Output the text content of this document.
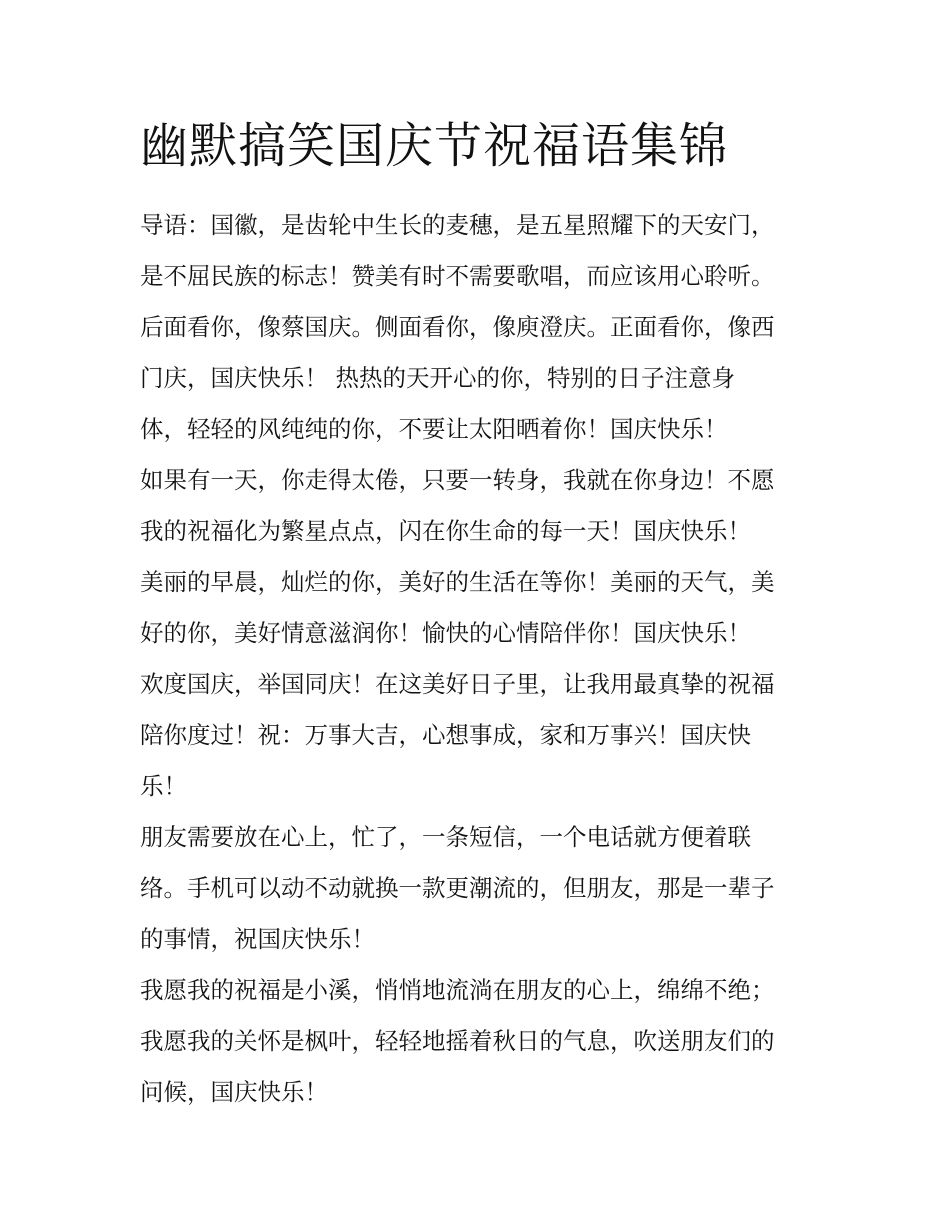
幽默搞笑国庆节祝福语集锦
导语：国徽，是齿轮中生长的麦穗，是五星照耀下的天安门，
是不屈民族的标志！赞美有时不需要歌唱，而应该用心聆听。
后面看你，像蔡国庆。侧面看你，像庾澄庆。正面看你，像西
门庆，国庆快乐！ 热热的天开心的你，特别的日子注意身
体，轻轻的风纯纯的你，不要让太阳晒着你！国庆快乐！
如果有一天，你走得太倦，只要一转身，我就在你身边！不愿
我的祝福化为繁星点点，闪在你生命的每一天！国庆快乐！
美丽的早晨，灿烂的你，美好的生活在等你！美丽的天气，美
好的你，美好情意滋润你！愉快的心情陪伴你！国庆快乐！
欢度国庆，举国同庆！在这美好日子里，让我用最真挚的祝福
陪你度过！祝：万事大吉，心想事成，家和万事兴！国庆快
乐！
朋友需要放在心上，忙了，一条短信，一个电话就方便着联
络。手机可以动不动就换一款更潮流的，但朋友，那是一辈子
的事情，祝国庆快乐！
我愿我的祝福是小溪，悄悄地流淌在朋友的心上，绵绵不绝；
我愿我的关怀是枫叶，轻轻地摇着秋日的气息，吹送朋友们的
问候，国庆快乐！
